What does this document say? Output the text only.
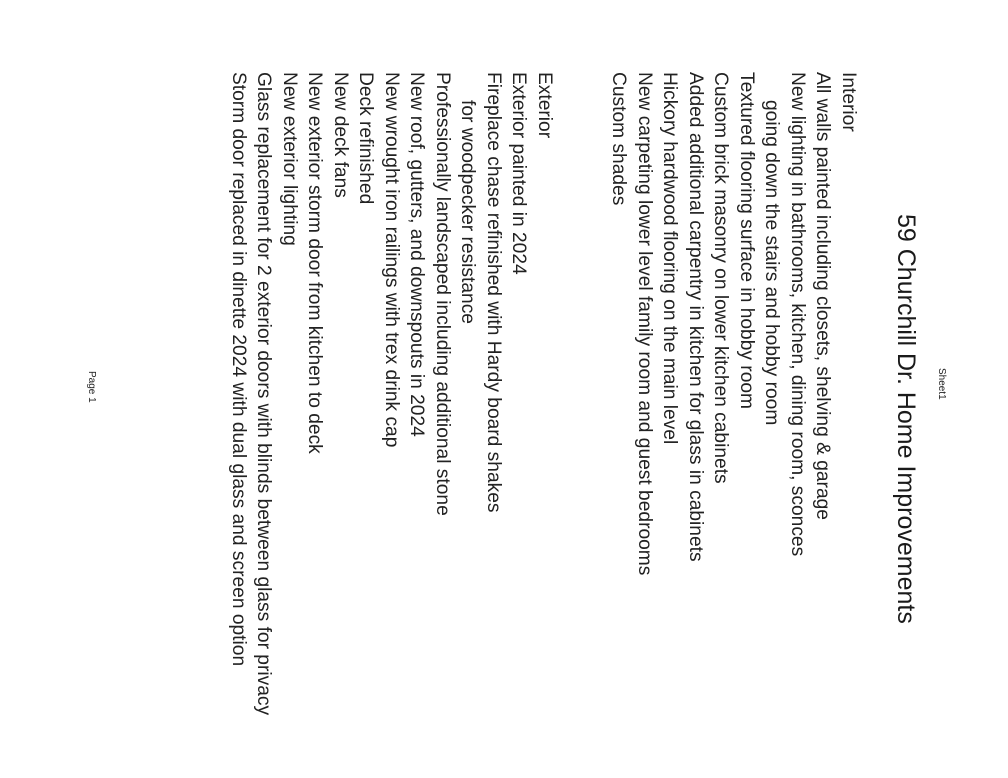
Sheet1
59 Churchill Dr. Home Improvements
Interior
All walls painted including closets, shelving & garage
New lighting in bathrooms, kitchen, dining room, sconces
going down the stairs and hobby room
Textured flooring surface in hobby room
Custom brick masonry on lower kitchen cabinets
Added additional carpentry in kitchen for glass in cabinets
Hickory hardwood flooring on the main level
New carpeting lower level family room and guest bedrooms
Custom shades
Exterior
Exterior painted in 2024
Fireplace chase refinished with Hardy board shakes
for woodpecker resistance
Professionally landscaped including additional stone
New roof, gutters, and downspouts in 2024
New wrought iron railings with trex drink cap
Deck refinished
New deck fans
New exterior storm door from kitchen to deck
New exterior lighting
Glass replacement for 2 exterior doors with blinds between glass for privacy
Storm door replaced in dinette 2024 with dual glass and screen option
Page 1
